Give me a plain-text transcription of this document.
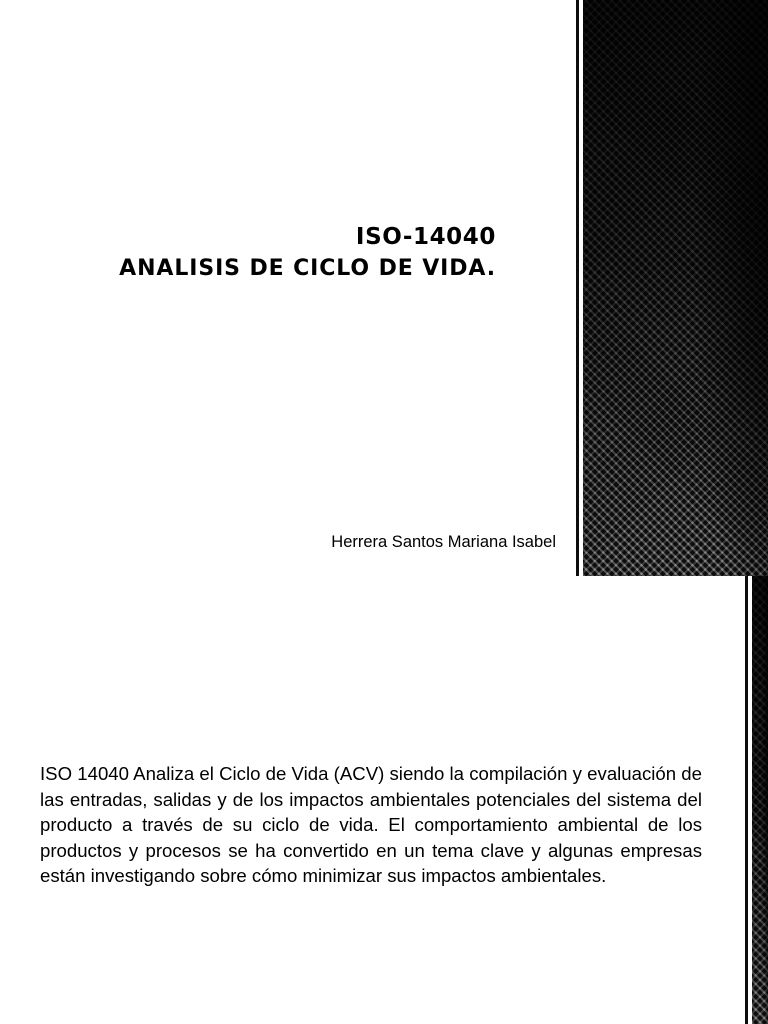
ISO-14040
ANALISIS DE CICLO DE VIDA.
Herrera Santos Mariana Isabel

ISO 14040 Analiza el Ciclo de Vida (ACV) siendo la compilación y evaluación de las entradas, salidas y de los impactos ambientales potenciales del sistema del producto a través de su ciclo de vida. El comportamiento ambiental de los productos y procesos se ha convertido en un tema clave y algunas empresas están investigando sobre cómo minimizar sus impactos ambientales.
